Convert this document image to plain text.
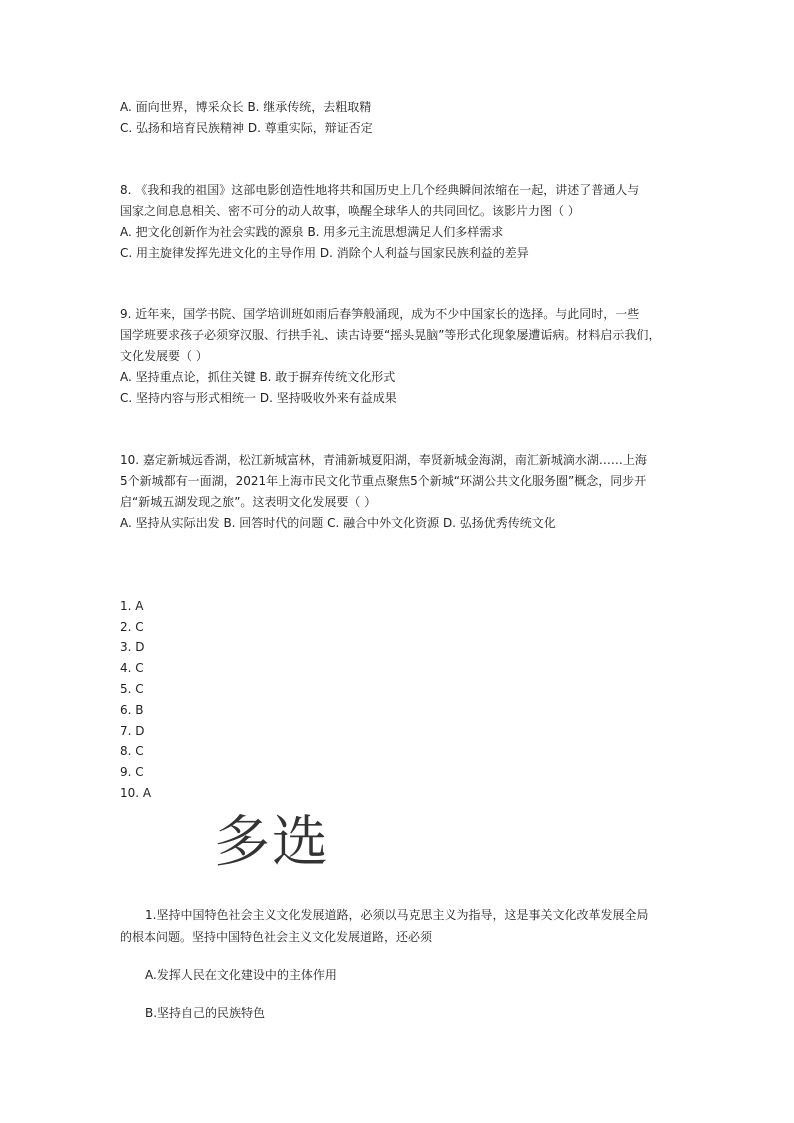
A. 面向世界，博采众长 B. 继承传统，去粗取精
C. 弘扬和培育民族精神 D. 尊重实际，辩证否定
8. 《我和我的祖国》这部电影创造性地将共和国历史上几个经典瞬间浓缩在一起，讲述了普通人与
国家之间息息相关、密不可分的动人故事，唤醒全球华人的共同回忆。该影片力图（ ）
A. 把文化创新作为社会实践的源泉 B. 用多元主流思想满足人们多样需求
C. 用主旋律发挥先进文化的主导作用 D. 消除个人利益与国家民族利益的差异
9. 近年来，国学书院、国学培训班如雨后春笋般涌现，成为不少中国家长的选择。与此同时，一些
国学班要求孩子必须穿汉服、行拱手礼、读古诗要“摇头晃脑”等形式化现象屡遭诟病。材料启示我们，
文化发展要（ ）
A. 坚持重点论，抓住关键 B. 敢于摒弃传统文化形式
C. 坚持内容与形式相统一 D. 坚持吸收外来有益成果
10. 嘉定新城远香湖，松江新城富林，青浦新城夏阳湖，奉贤新城金海湖，南汇新城滴水湖……上海
5个新城都有一面湖，2021年上海市民文化节重点聚焦5个新城“环湖公共文化服务圈”概念，同步开
启“新城五湖发现之旅”。这表明文化发展要（ ）
A. 坚持从实际出发 B. 回答时代的问题 C. 融合中外文化资源 D. 弘扬优秀传统文化
1. A
2. C
3. D
4. C
5. C
6. B
7. D
8. C
9. C
10. A
多选
1.坚持中国特色社会主义文化发展道路，必须以马克思主义为指导，这是事关文化改革发展全局
的根本问题。坚持中国特色社会主义文化发展道路，还必须
A.发挥人民在文化建设中的主体作用
B.坚持自己的民族特色
